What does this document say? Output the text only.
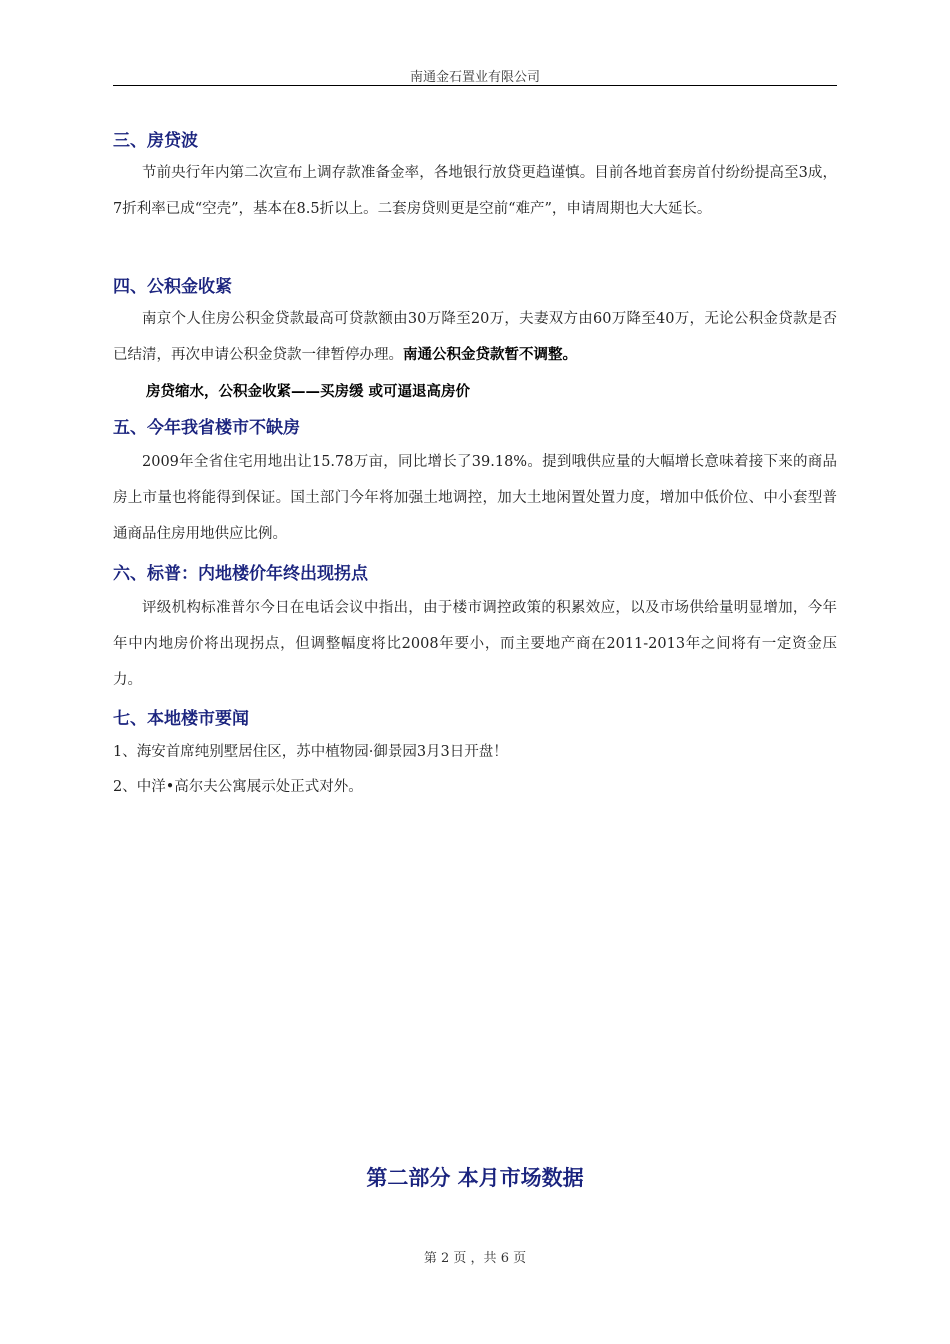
南通金石置业有限公司
三、房贷波
节前央行年内第二次宣布上调存款准备金率，各地银行放贷更趋谨慎。目前各地首套房首付纷纷提高至3成，7折利率已成“空壳”，基本在8.5折以上。二套房贷则更是空前“难产”，申请周期也大大延长。
四、公积金收紧
南京个人住房公积金贷款最高可贷款额由30万降至20万，夫妻双方由60万降至40万，无论公积金贷款是否已结清，再次申请公积金贷款一律暂停办理。南通公积金贷款暂不调整。
房贷缩水，公积金收紧——买房缓 或可逼退高房价
五、今年我省楼市不缺房
2009年全省住宅用地出让15.78万亩，同比增长了39.18%。提到哦供应量的大幅增长意味着接下来的商品房上市量也将能得到保证。国土部门今年将加强土地调控，加大土地闲置处置力度，增加中低价位、中小套型普通商品住房用地供应比例。
六、标普：内地楼价年终出现拐点
评级机构标准普尔今日在电话会议中指出，由于楼市调控政策的积累效应，以及市场供给量明显增加，今年年中内地房价将出现拐点，但调整幅度将比2008年要小，而主要地产商在2011-2013年之间将有一定资金压力。
七、本地楼市要闻
1、海安首席纯别墅居住区，苏中植物园·御景园3月3日开盘！
2、中洋•高尔夫公寓展示处正式对外。
第二部分 本月市场数据
第 2 页 ，共 6 页
